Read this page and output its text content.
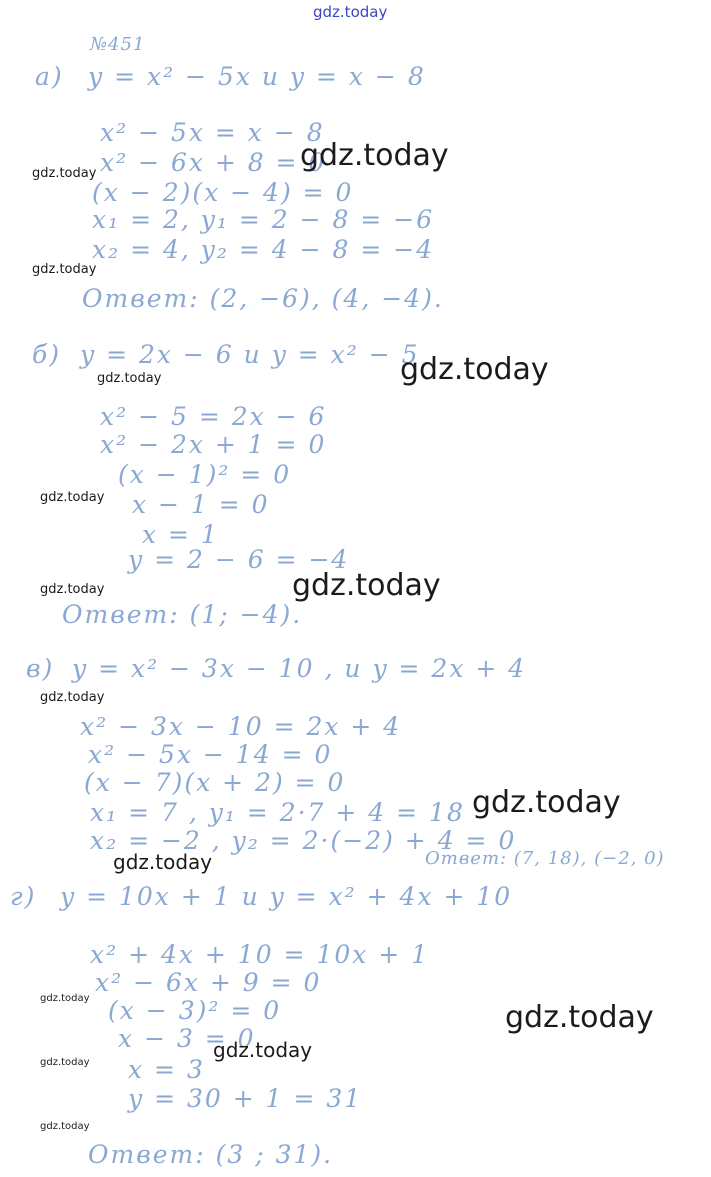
gdz.today
№451
а) y = x² − 5x и y = x − 8
x² − 5x = x − 8
x² − 6x + 8 = 0
(x − 2)(x − 4) = 0
x₁ = 2, y₁ = 2 − 8 = −6
x₂ = 4, y₂ = 4 − 8 = −4
Ответ: (2, −6), (4, −4).
б) y = 2x − 6 и y = x² − 5
x² − 5 = 2x − 6
x² − 2x + 1 = 0
(x − 1)² = 0
x − 1 = 0
x = 1
y = 2 − 6 = −4
Ответ: (1; −4).
в) y = x² − 3x − 10 , и y = 2x + 4
x² − 3x − 10 = 2x + 4
x² − 5x − 14 = 0
(x − 7)(x + 2) = 0
x₁ = 7 , y₁ = 2·7 + 4 = 18
x₂ = −2 , y₂ = 2·(−2) + 4 = 0
Ответ: (7, 18), (−2, 0)
г) y = 10x + 1 и y = x² + 4x + 10
x² + 4x + 10 = 10x + 1
x² − 6x + 9 = 0
(x − 3)² = 0
x − 3 = 0
x = 3
y = 30 + 1 = 31
Ответ: (3 ; 31).
gdz.today
gdz.today
gdz.today
gdz.today
gdz.today
gdz.today
gdz.today
gdz.today
gdz.today
gdz.today
gdz.today
gdz.today
gdz.today
gdz.today
gdz.today
gdz.today
